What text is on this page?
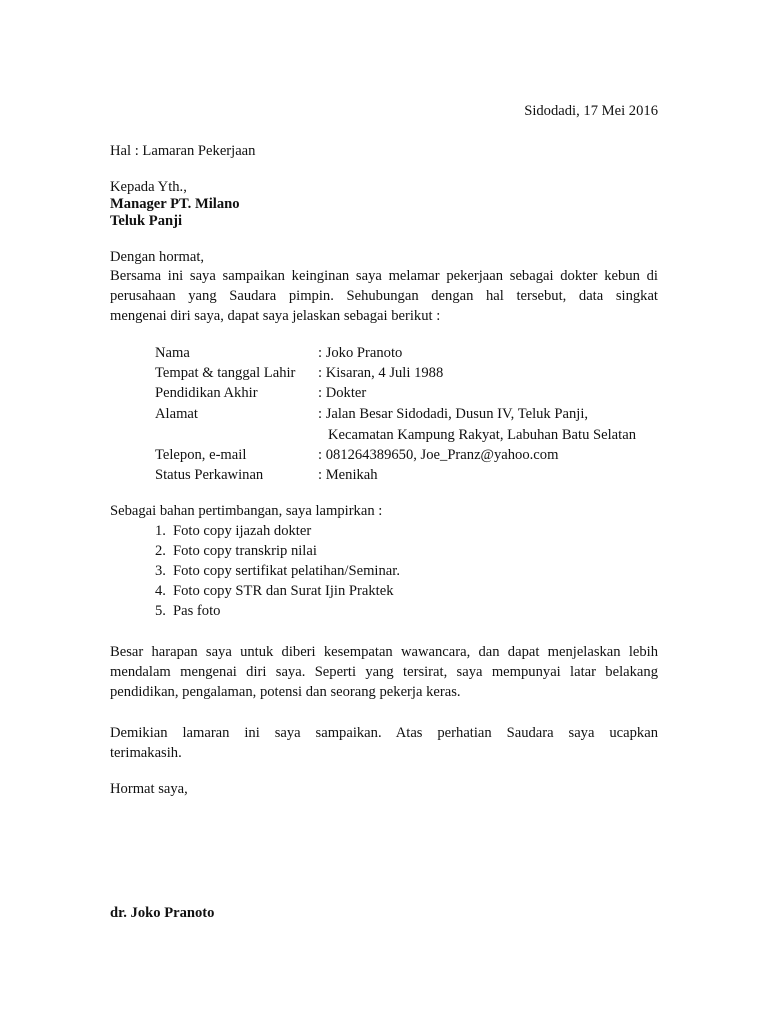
Sidodadi, 17 Mei 2016
Hal : Lamaran Pekerjaan
Kepada Yth.,
Manager PT. Milano
Teluk Panji
Dengan hormat,
Bersama ini saya sampaikan keinginan saya melamar pekerjaan sebagai dokter kebun di
perusahaan yang Saudara pimpin. Sehubungan dengan hal tersebut, data singkat
mengenai diri saya, dapat saya jelaskan sebagai berikut :
Nama	: Joko Pranoto
Tempat & tanggal Lahir	: Kisaran, 4 Juli 1988
Pendidikan Akhir	: Dokter
Alamat	: Jalan Besar Sidodadi, Dusun IV, Teluk Panji,
Kecamatan Kampung Rakyat, Labuhan Batu Selatan
Telepon, e-mail	: 081264389650, Joe_Pranz@yahoo.com
Status Perkawinan	: Menikah
Sebagai bahan pertimbangan, saya lampirkan :
1. Foto copy ijazah dokter
2. Foto copy transkrip nilai
3. Foto copy sertifikat pelatihan/Seminar.
4. Foto copy STR dan Surat Ijin Praktek
5. Pas foto
Besar harapan saya untuk diberi kesempatan wawancara, dan dapat menjelaskan lebih
mendalam mengenai diri saya. Seperti yang tersirat, saya mempunyai latar belakang
pendidikan, pengalaman, potensi dan seorang pekerja keras.
Demikian lamaran ini saya sampaikan. Atas perhatian Saudara saya ucapkan
terimakasih.
Hormat saya,
dr. Joko Pranoto
